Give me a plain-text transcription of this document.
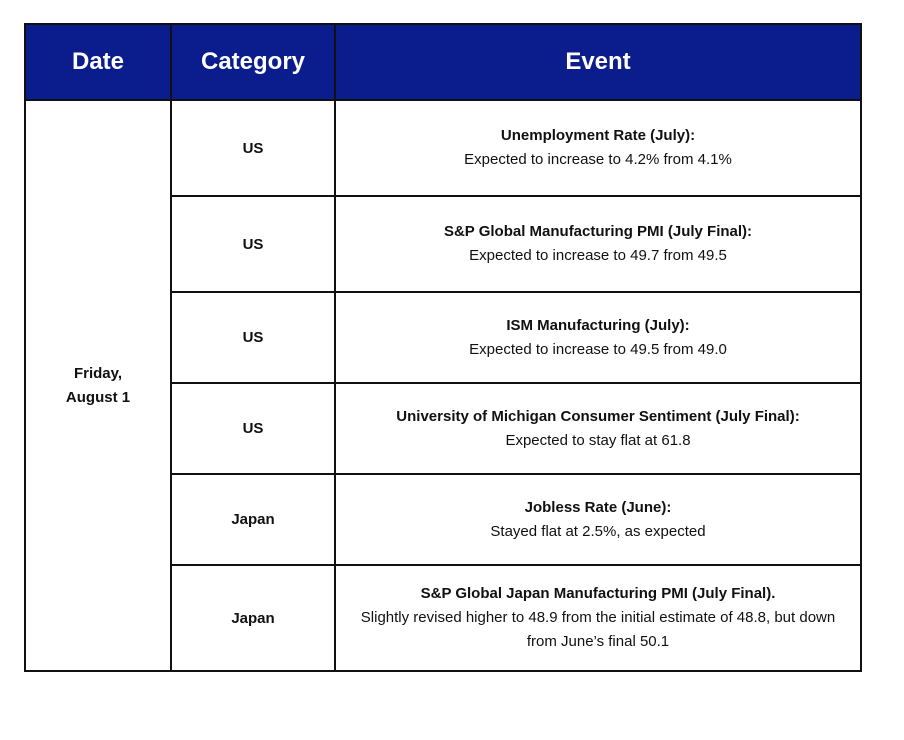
Date	Category	Event
Friday,
August 1	US	Unemployment Rate (July):
Expected to increase to 4.2% from 4.1%

	US	S&P Global Manufacturing PMI (July Final):
Expected to increase to 49.7 from 49.5

	US	ISM Manufacturing (July):
Expected to increase to 49.5 from 49.0

	US	University of Michigan Consumer Sentiment (July Final):
Expected to stay flat at 61.8

	Japan	Jobless Rate (June):
Stayed flat at 2.5%, as expected

	Japan	S&P Global Japan Manufacturing PMI (July Final).
Slightly revised higher to 48.9 from the initial estimate of 48.8, but down from June’s final 50.1
